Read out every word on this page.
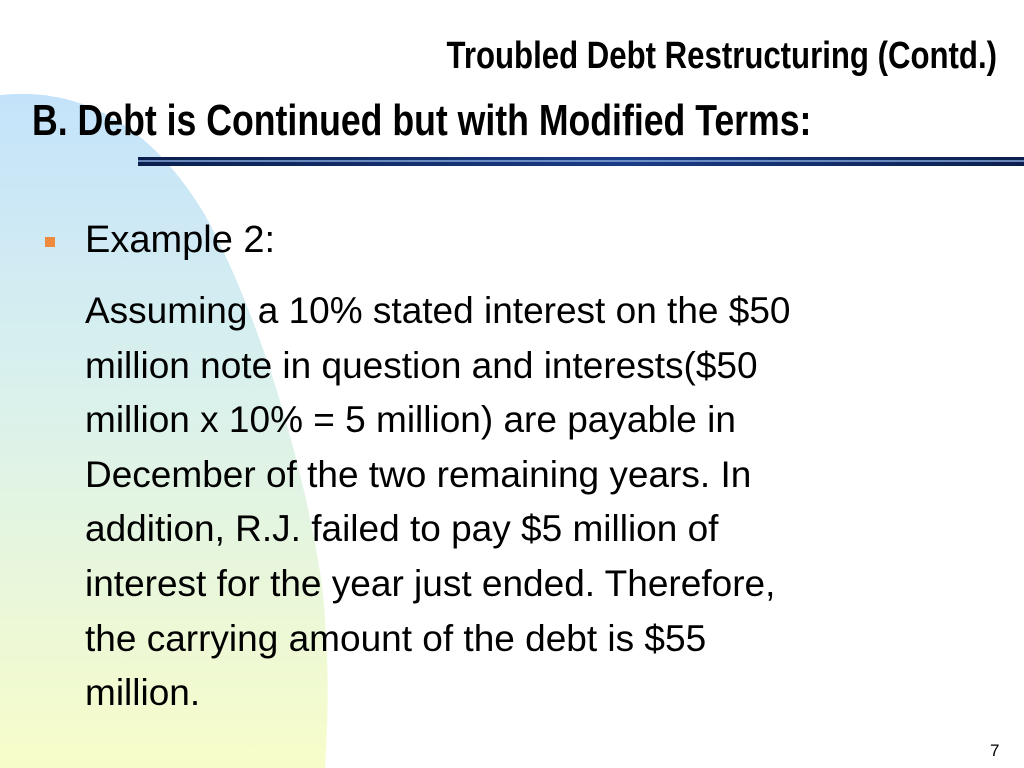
Troubled Debt Restructuring (Contd.)
B. Debt is Continued but with Modified Terms:
Example 2:

Assuming a 10% stated interest on the $50
million note in question and interests($50
million x 10% = 5 million) are payable in
December of the two remaining years. In
addition, R.J. failed to pay $5 million of
interest for the year just ended. Therefore,
the carrying amount of the debt is $55
million.

7
